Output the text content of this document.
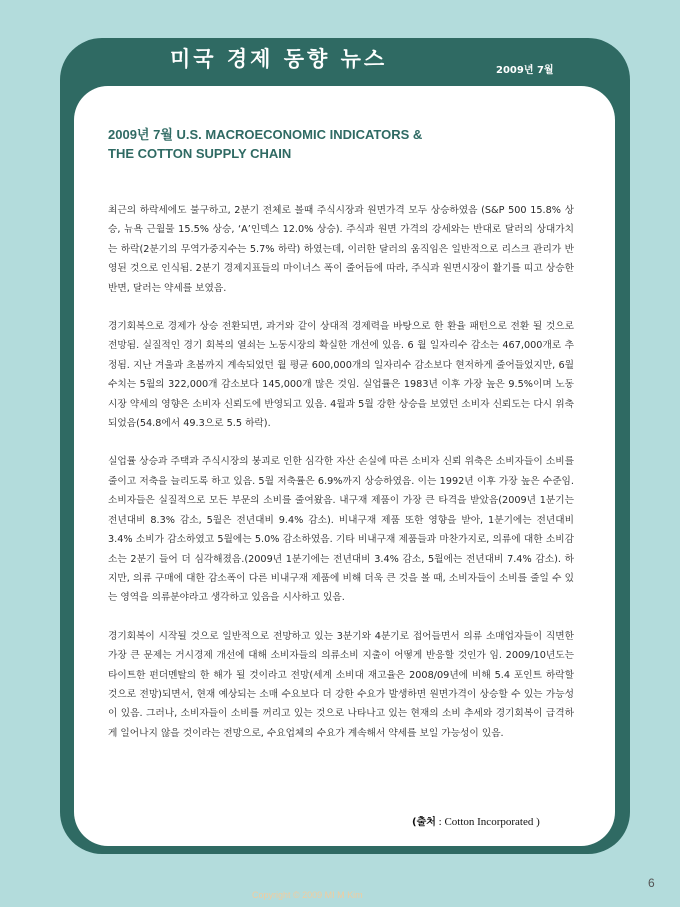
미국 경제 동향 뉴스	2009년 7월
2009년 7월 U.S. MACROECONOMIC INDICATORS &
THE COTTON SUPPLY CHAIN

최근의 하락세에도 불구하고, 2분기 전체로 볼때 주식시장과 원면가격 모두 상승하였음 (S&P 500 15.8% 상승, 뉴욕 근월물 15.5% 상승, ‘A’인덱스 12.0% 상승). 주식과 원면 가격의 강세와는 반대로 달러의 상대가치는 하락(2분기의 무역가중지수는 5.7% 하락) 하였는데, 이러한 달러의 움직임은 일반적으로 리스크 관리가 반영된 것으로 인식됨. 2분기 경제지표들의 마이너스 폭이 줄어듬에 따라, 주식과 원면시장이 활기를 띠고 상승한 반면, 달러는 약세를 보였음.

경기회복으로 경제가 상승 전환되면, 과거와 같이 상대적 경제력을 바탕으로 한 환율 패턴으로 전환 될 것으로 전망됨. 실질적인 경기 회복의 열쇠는 노동시장의 확실한 개선에 있음. 6 월 일자리수 감소는 467,000개로 추정됨. 지난 겨울과 초봄까지 계속되었던 월 평균 600,000개의 일자리수 감소보다 현저하게 줄어들었지만, 6월 수치는 5월의 322,000개 감소보다 145,000개 많은 것임. 실업률은 1983년 이후 가장 높은 9.5%이며 노동시장 약세의 영향은 소비자 신뢰도에 반영되고 있음. 4월과 5월 강한 상승을 보였던 소비자 신뢰도는 다시 위축되었음(54.8에서 49.3으로 5.5 하락).

실업률 상승과 주택과 주식시장의 붕괴로 인한 심각한 자산 손실에 따른 소비자 신뢰 위축은 소비자들이 소비를 줄이고 저축을 늘리도록 하고 있음. 5월 저축률은 6.9%까지 상승하였음. 이는 1992년 이후 가장 높은 수준임. 소비자들은 실질적으로 모든 부문의 소비를 줄여왔음. 내구재 제품이 가장 큰 타격을 받았음(2009년 1분기는 전년대비 8.3% 감소, 5월은 전년대비 9.4% 감소). 비내구재 제품 또한 영향을 받아, 1분기에는 전년대비 3.4% 소비가 감소하였고 5월에는 5.0% 감소하였음. 기타 비내구재 제품들과 마찬가지로, 의류에 대한 소비감소는 2분기 들어 더 심각해졌음.(2009년 1분기에는 전년대비 3.4% 감소, 5월에는 전년대비 7.4% 감소). 하지만, 의류 구매에 대한 감소폭이 다른 비내구재 제품에 비해 더욱 큰 것을 볼 때, 소비자들이 소비를 줄일 수 있는 영역을 의류분야라고 생각하고 있음을 시사하고 있음.

경기회복이 시작될 것으로 일반적으로 전망하고 있는 3분기와 4분기로 접어들면서 의류 소매업자들이 직면한 가장 큰 문제는 거시경제 개선에 대해 소비자들의 의류소비 지출이 어떻게 반응할 것인가 임. 2009/10년도는 타이트한 펀더멘탈의 한 해가 될 것이라고 전망(세계 소비대 재고율은 2008/09년에 비해 5.4 포인트 하락할 것으로 전망)되면서, 현재 예상되는 소매 수요보다 더 강한 수요가 발생하면 원면가격이 상승할 수 있는 가능성이 있음. 그러나, 소비자들이 소비를 꺼리고 있는 것으로 나타나고 있는 현재의 소비 추세와 경기회복이 급격하게 일어나지 않을 것이라는 전망으로, 수요업체의 수요가 계속해서 약세를 보일 가능성이 있음.

(출처 : Cotton Incorporated )
6
Copyright © 2009 MI M Kim
